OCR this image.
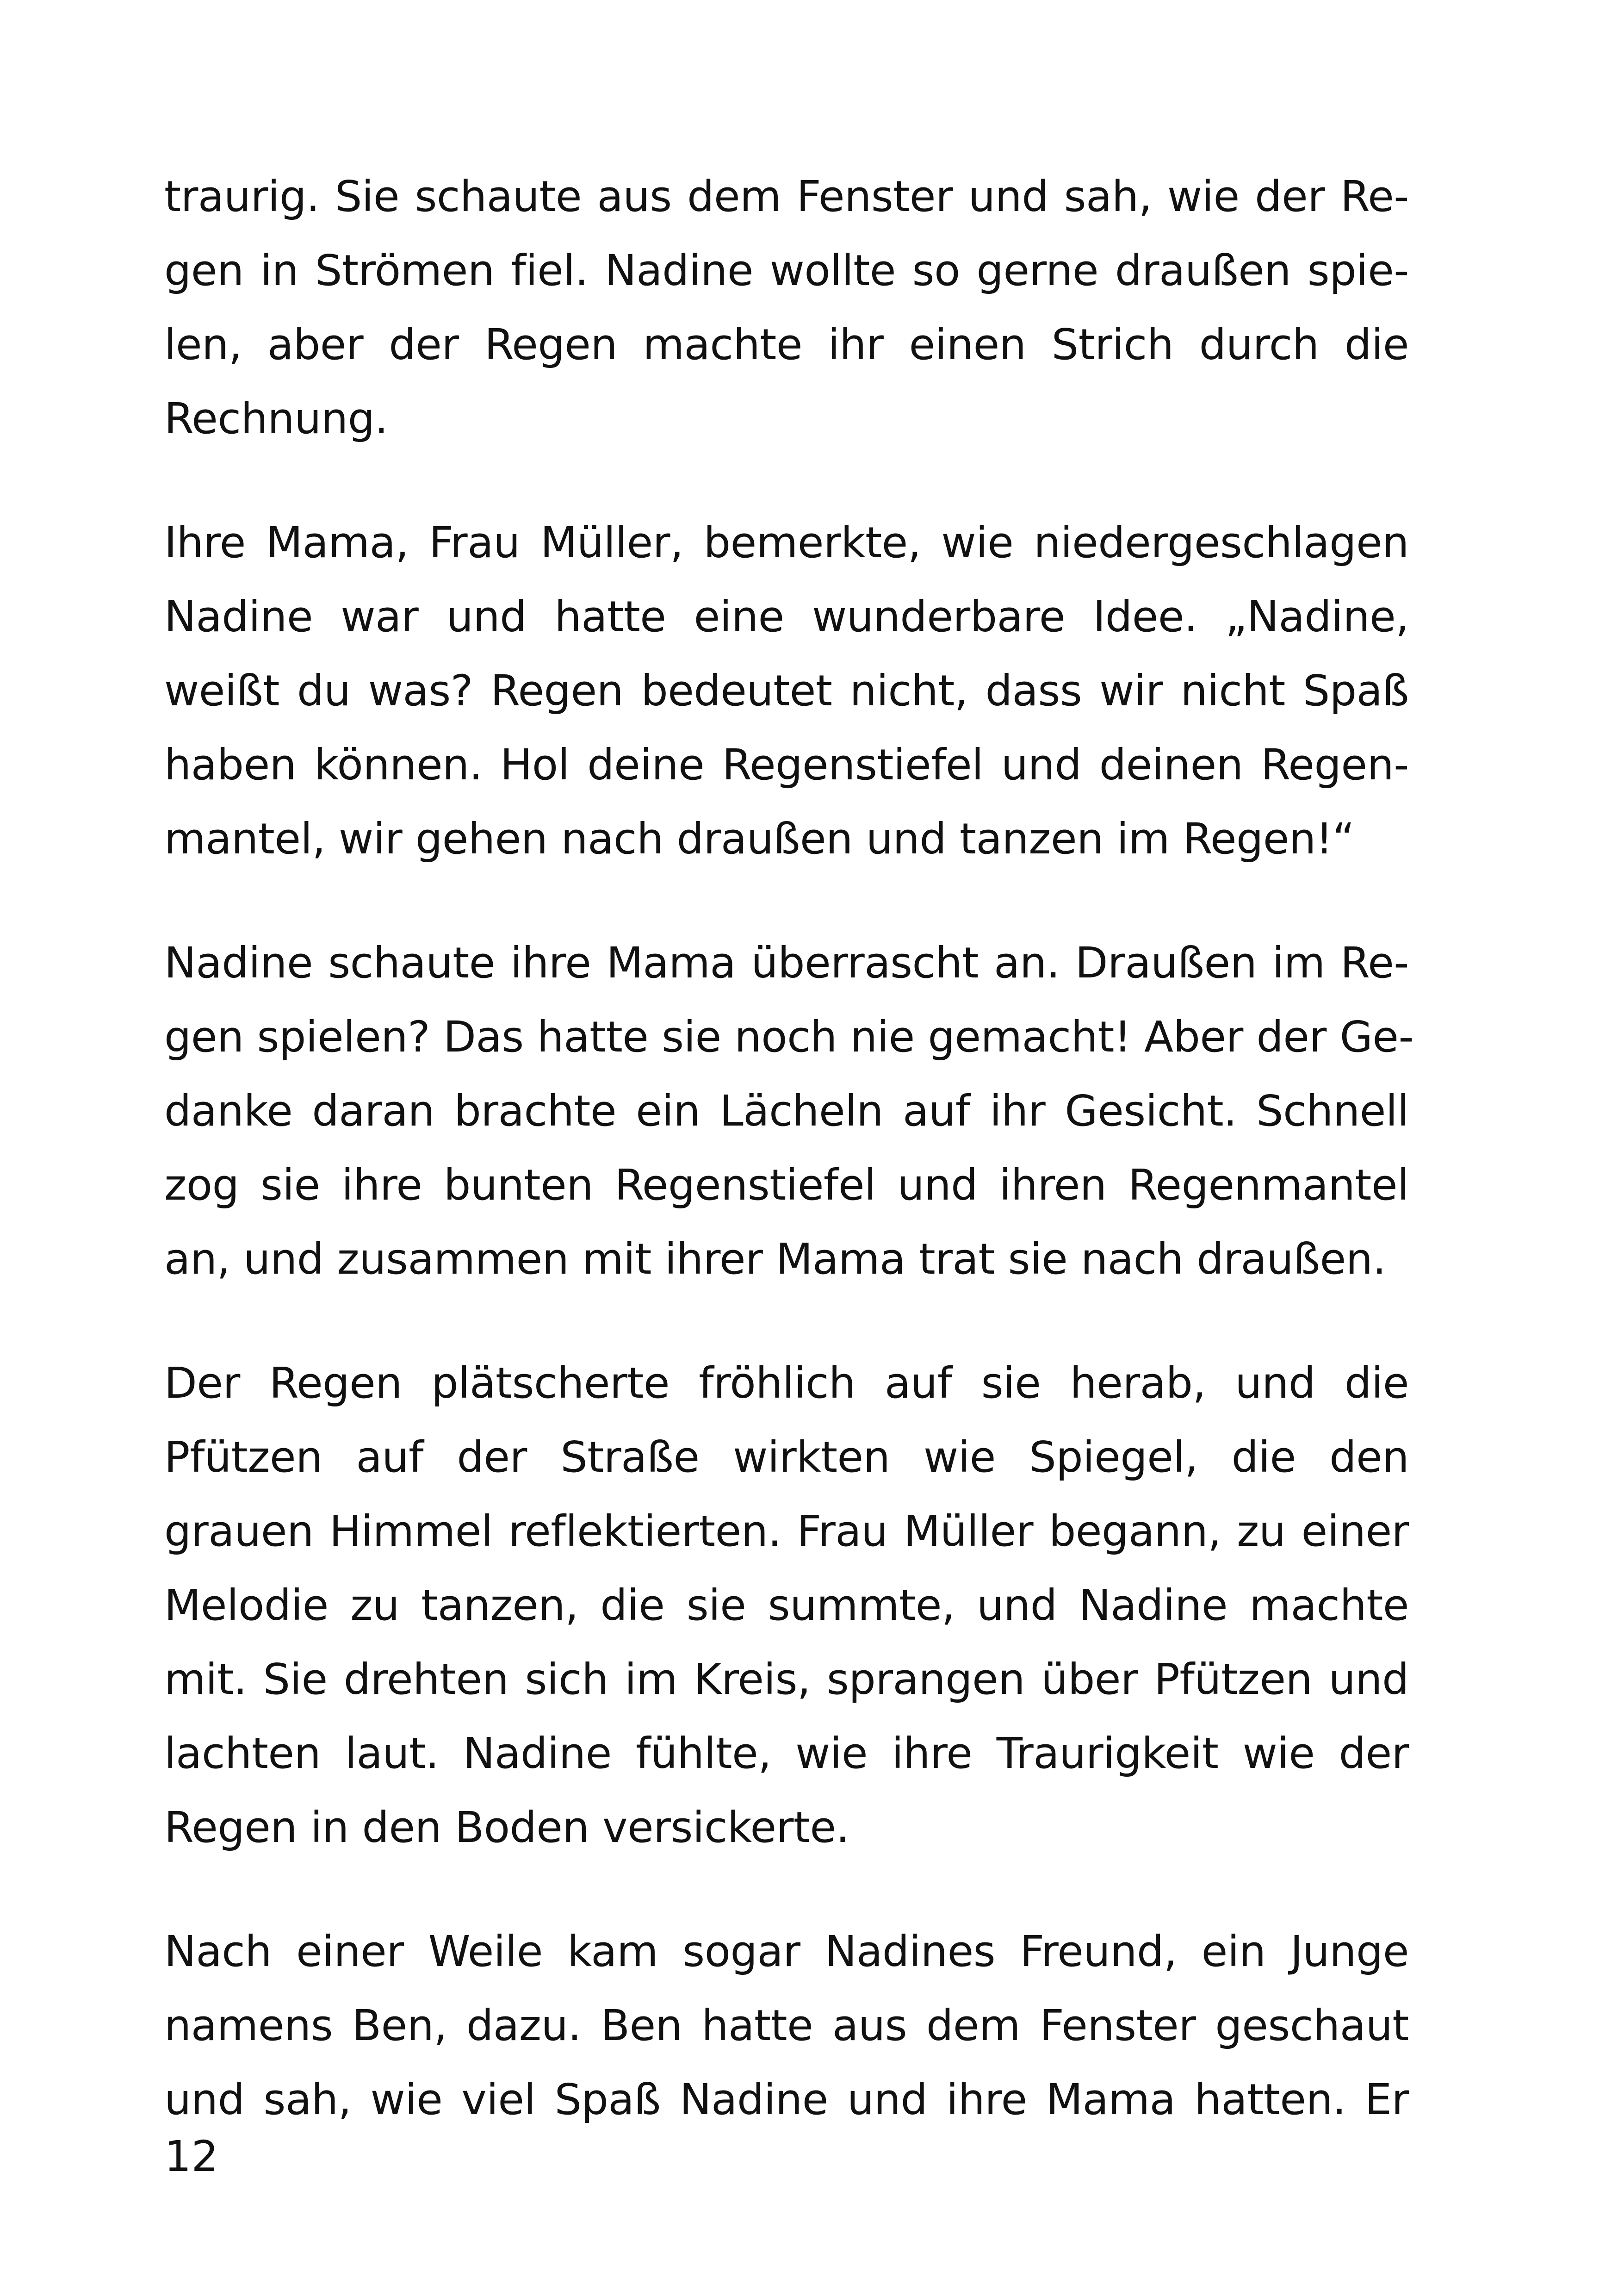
traurig. Sie schaute aus dem Fenster und sah, wie der Re-
gen in Strömen fiel. Nadine wollte so gerne draußen spie-
len, aber der Regen machte ihr einen Strich durch die
Rechnung.

Ihre Mama, Frau Müller, bemerkte, wie niedergeschlagen
Nadine war und hatte eine wunderbare Idee. „Nadine,
weißt du was? Regen bedeutet nicht, dass wir nicht Spaß
haben können. Hol deine Regenstiefel und deinen Regen-
mantel, wir gehen nach draußen und tanzen im Regen!“

Nadine schaute ihre Mama überrascht an. Draußen im Re-
gen spielen? Das hatte sie noch nie gemacht! Aber der Ge-
danke daran brachte ein Lächeln auf ihr Gesicht. Schnell
zog sie ihre bunten Regenstiefel und ihren Regenmantel
an, und zusammen mit ihrer Mama trat sie nach draußen.

Der Regen plätscherte fröhlich auf sie herab, und die
Pfützen auf der Straße wirkten wie Spiegel, die den
grauen Himmel reflektierten. Frau Müller begann, zu einer
Melodie zu tanzen, die sie summte, und Nadine machte
mit. Sie drehten sich im Kreis, sprangen über Pfützen und
lachten laut. Nadine fühlte, wie ihre Traurigkeit wie der
Regen in den Boden versickerte.

Nach einer Weile kam sogar Nadines Freund, ein Junge
namens Ben, dazu. Ben hatte aus dem Fenster geschaut
und sah, wie viel Spaß Nadine und ihre Mama hatten. Er

12
